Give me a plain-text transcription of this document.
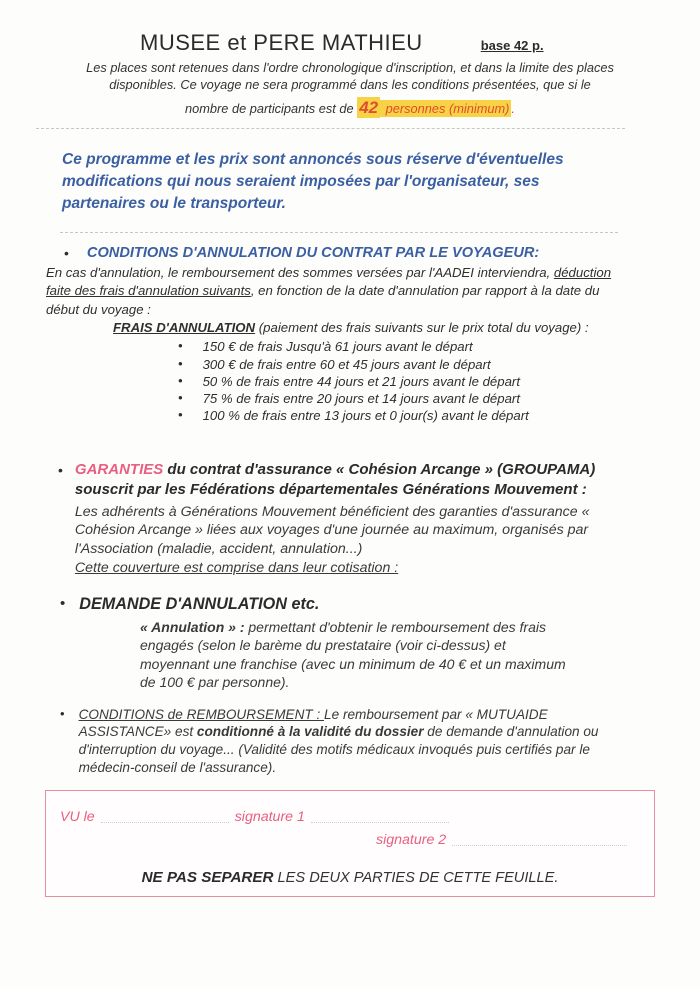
MUSEE et PERE MATHIEU	base 42 p.

Les places sont retenues dans l'ordre chronologique d'inscription, et dans la limite des places disponibles. Ce voyage ne sera programmé dans les conditions présentées, que si le

nombre de participants est de 42 personnes (minimum) .

Ce programme et les prix sont annoncés sous réserve d'éventuelles modifications qui nous seraient imposées par l'organisateur, ses partenaires ou le transporteur.

• CONDITIONS D'ANNULATION DU CONTRAT PAR LE VOYAGEUR:

En cas d'annulation, le remboursement des sommes versées par l'AADEI interviendra, déduction faite des frais d'annulation suivants, en fonction de la date d'annulation par rapport à la date du début du voyage :

FRAIS D'ANNULATION (paiement des frais suivants sur le prix total du voyage) :

• 150 € de frais Jusqu'à 61 jours avant le départ
• 300 € de frais entre 60 et 45 jours avant le départ
• 50 % de frais entre 44 jours et 21 jours avant le départ
• 75 % de frais entre 20 jours et 14 jours avant le départ
• 100 % de frais entre 13 jours et 0 jour(s) avant le départ
• GARANTIES du contrat d'assurance « Cohésion Arcange » (GROUPAMA) souscrit par les Fédérations départementales Générations Mouvement :
Les adhérents à Générations Mouvement bénéficient des garanties d'assurance « Cohésion Arcange » liées aux voyages d'une journée au maximum, organisés par l'Association (maladie, accident, annulation...)
Cette couverture est comprise dans leur cotisation :
• DEMANDE D'ANNULATION etc.

« Annulation » : permettant d'obtenir le remboursement des frais engagés (selon le barème du prestataire (voir ci-dessus) et moyennant une franchise (avec un minimum de 40 € et un maximum de 100 € par personne).

• CONDITIONS de REMBOURSEMENT : Le remboursement par « MUTUAIDE ASSISTANCE» est conditionné à la validité du dossier de demande d'annulation ou d'interruption du voyage... (Validité des motifs médicaux invoqués puis certifiés par le médecin-conseil de l'assurance).
VU le	signature 1
signature 2
NE PAS SEPARER LES DEUX PARTIES DE CETTE FEUILLE.
